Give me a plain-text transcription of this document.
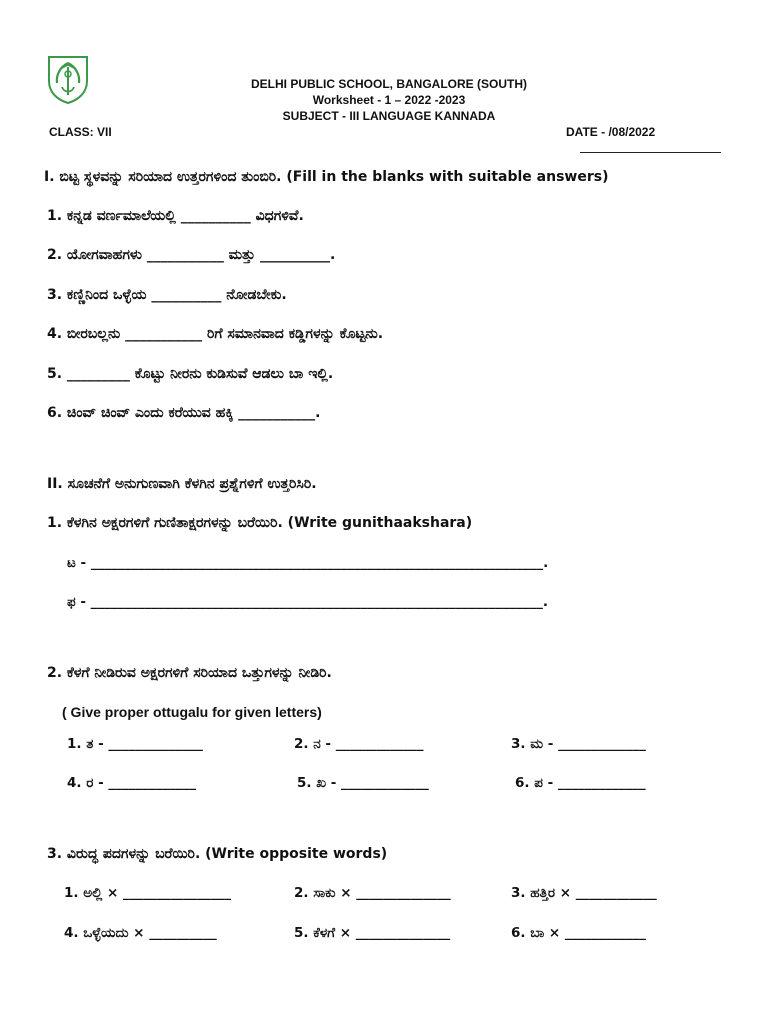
DELHI PUBLIC SCHOOL, BANGALORE (SOUTH)
Worksheet - 1 – 2022 -2023
SUBJECT - III LANGUAGE KANNADA
CLASS: VII	DATE - /08/2022
I. ಬಿಟ್ಟ ಸ್ಥಳವನ್ನು ಸರಿಯಾದ ಉತ್ತರಗಳಿಂದ ತುಂಬಿರಿ. (Fill in the blanks with suitable answers)
1. ಕನ್ನಡ ವರ್ಣಮಾಲೆಯಲ್ಲಿ __________ ವಿಧಗಳಿವೆ.
2. ಯೋಗವಾಹಗಳು ___________ ಮತ್ತು __________.
3. ಕಣ್ಣಿನಿಂದ ಒಳ್ಳೆಯ __________ ನೋಡಬೇಕು.
4. ಬೀರಬಲ್ಲನು ___________ ರಿಗೆ ಸಮಾನವಾದ ಕಡ್ಡಿಗಳನ್ನು ಕೊಟ್ಟನು.
5. _________ ಕೊಟ್ಟು ನೀರನು ಕುಡಿಸುವೆ ಆಡಲು ಬಾ ಇಲ್ಲಿ.
6. ಚಿಂವ್ ಚಿಂವ್ ಎಂದು ಕರೆಯುವ ಹಕ್ಕಿ ___________.
II. ಸೂಚನೆಗೆ ಅನುಗುಣವಾಗಿ ಕೆಳಗಿನ ಪ್ರಶ್ನೆಗಳಿಗೆ ಉತ್ತರಿಸಿರಿ.
1. ಕೆಳಗಿನ ಅಕ್ಷರಗಳಿಗೆ ಗುಣಿತಾಕ್ಷರಗಳನ್ನು ಬರೆಯಿರಿ. (Write gunithaakshara)
ಟ - ___________________________________________________________________.
ಫ - ___________________________________________________________________.
2. ಕೆಳಗೆ ನೀಡಿರುವ ಅಕ್ಷರಗಳಿಗೆ ಸರಿಯಾದ ಒತ್ತುಗಳನ್ನು ನೀಡಿರಿ.
( Give proper ottugalu for given letters)
1. ತ - ______________	2. ನ - _____________	3. ಮ - _____________
4. ರ - _____________	5. ಖ - _____________	6. ಪ - _____________
3. ವಿರುದ್ಧ ಪದಗಳನ್ನು ಬರೆಯಿರಿ. (Write opposite words)
1. ಅಲ್ಲಿ × ________________	2. ಸಾಕು × ______________	3. ಹತ್ತಿರ × ____________
4. ಒಳ್ಳೆಯದು × __________	5. ಕೆಳಗೆ × ______________	6. ಬಾ × ____________
